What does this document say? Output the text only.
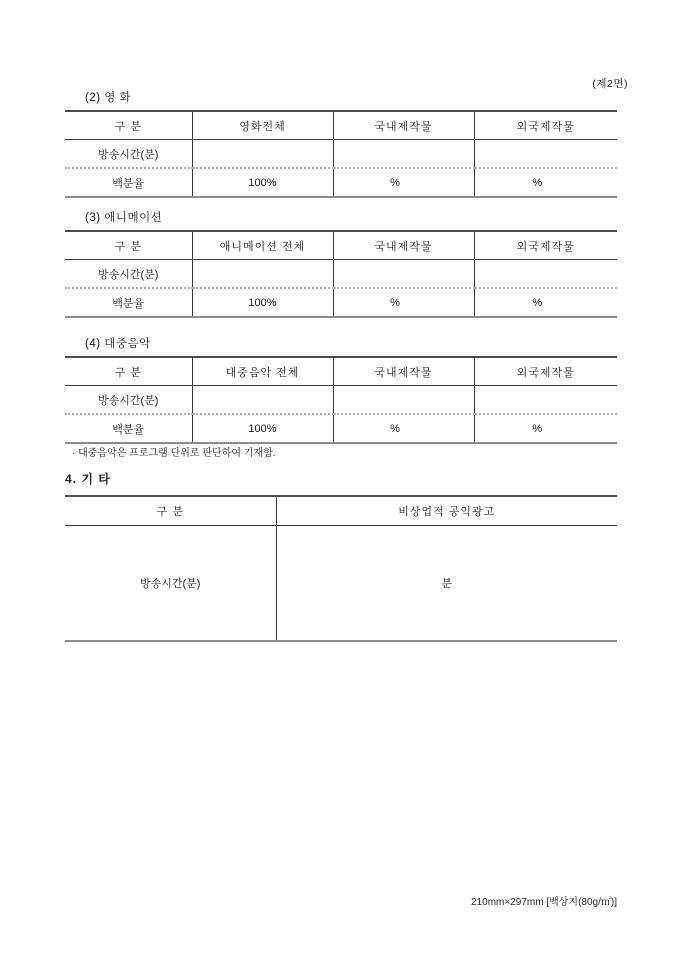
(제2면)
(2) 영 화
구 분	영화전체	국내제작물	외국제작물
방송시간(분)			
백분율	100%	%	%
(3) 애니메이션
구 분	애니메이션 전체	국내제작물	외국제작물
방송시간(분)			
백분율	100%	%	%
(4) 대중음악
구 분	대중음악 전체	국내제작물	외국제작물
방송시간(분)			
백분율	100%	%	%
· 대중음악은 프로그램 단위로 판단하여 기재함.
4. 기 타
구 분	비상업적 공익광고
방송시간(분)	분
210mm×297mm [백상지(80g/㎡)]
